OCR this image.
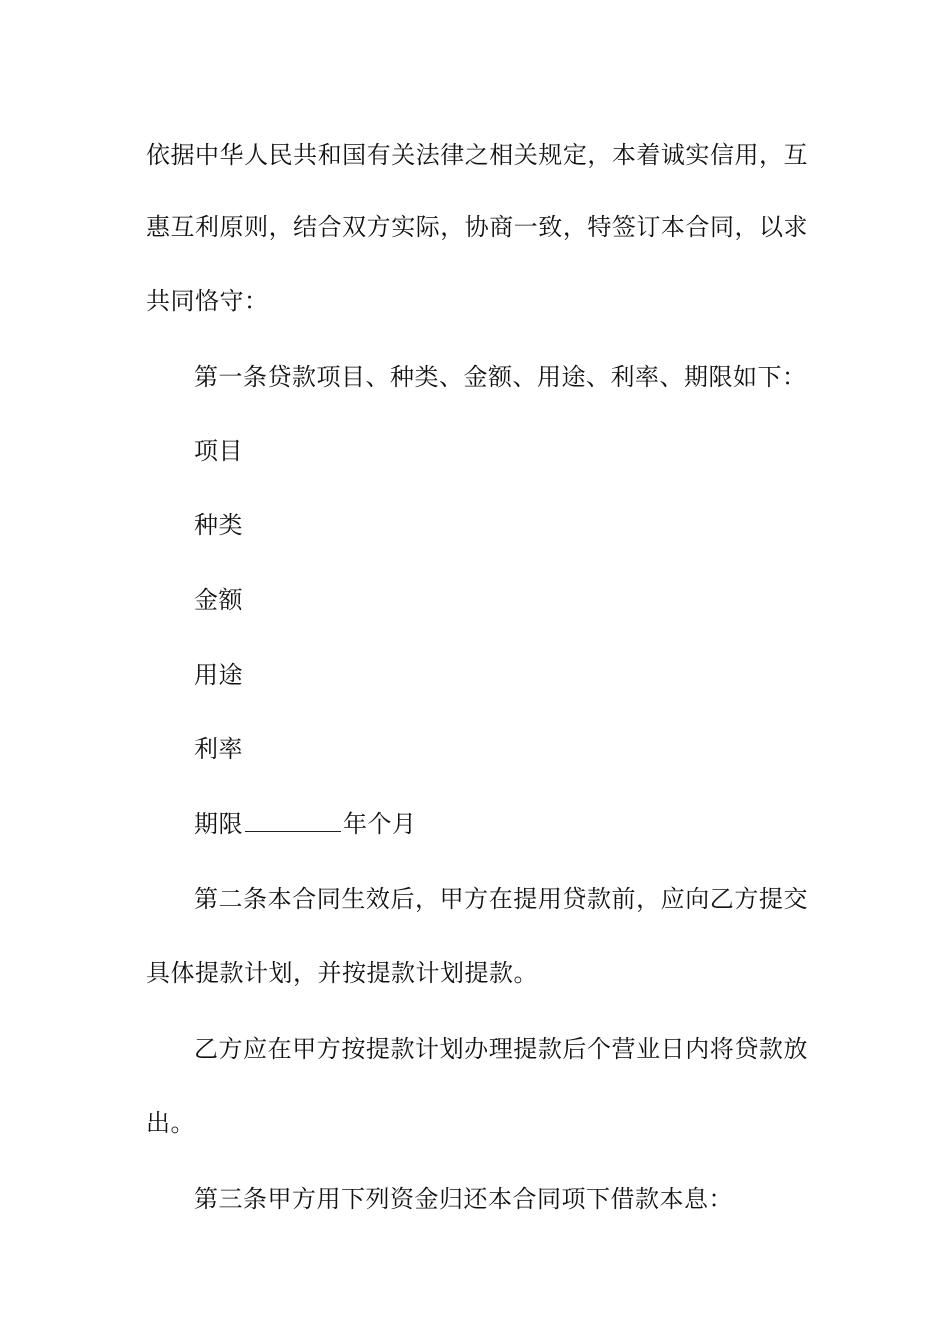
依据中华人民共和国有关法律之相关规定，本着诚实信用，互
惠互利原则，结合双方实际，协商一致，特签订本合同，以求
共同恪守：
第一条贷款项目、种类、金额、用途、利率、期限如下：
项目
种类
金额
用途
利率
期限	年个月
第二条本合同生效后，甲方在提用贷款前，应向乙方提交
具体提款计划，并按提款计划提款。
乙方应在甲方按提款计划办理提款后个营业日内将贷款放
出。
第三条甲方用下列资金归还本合同项下借款本息：
